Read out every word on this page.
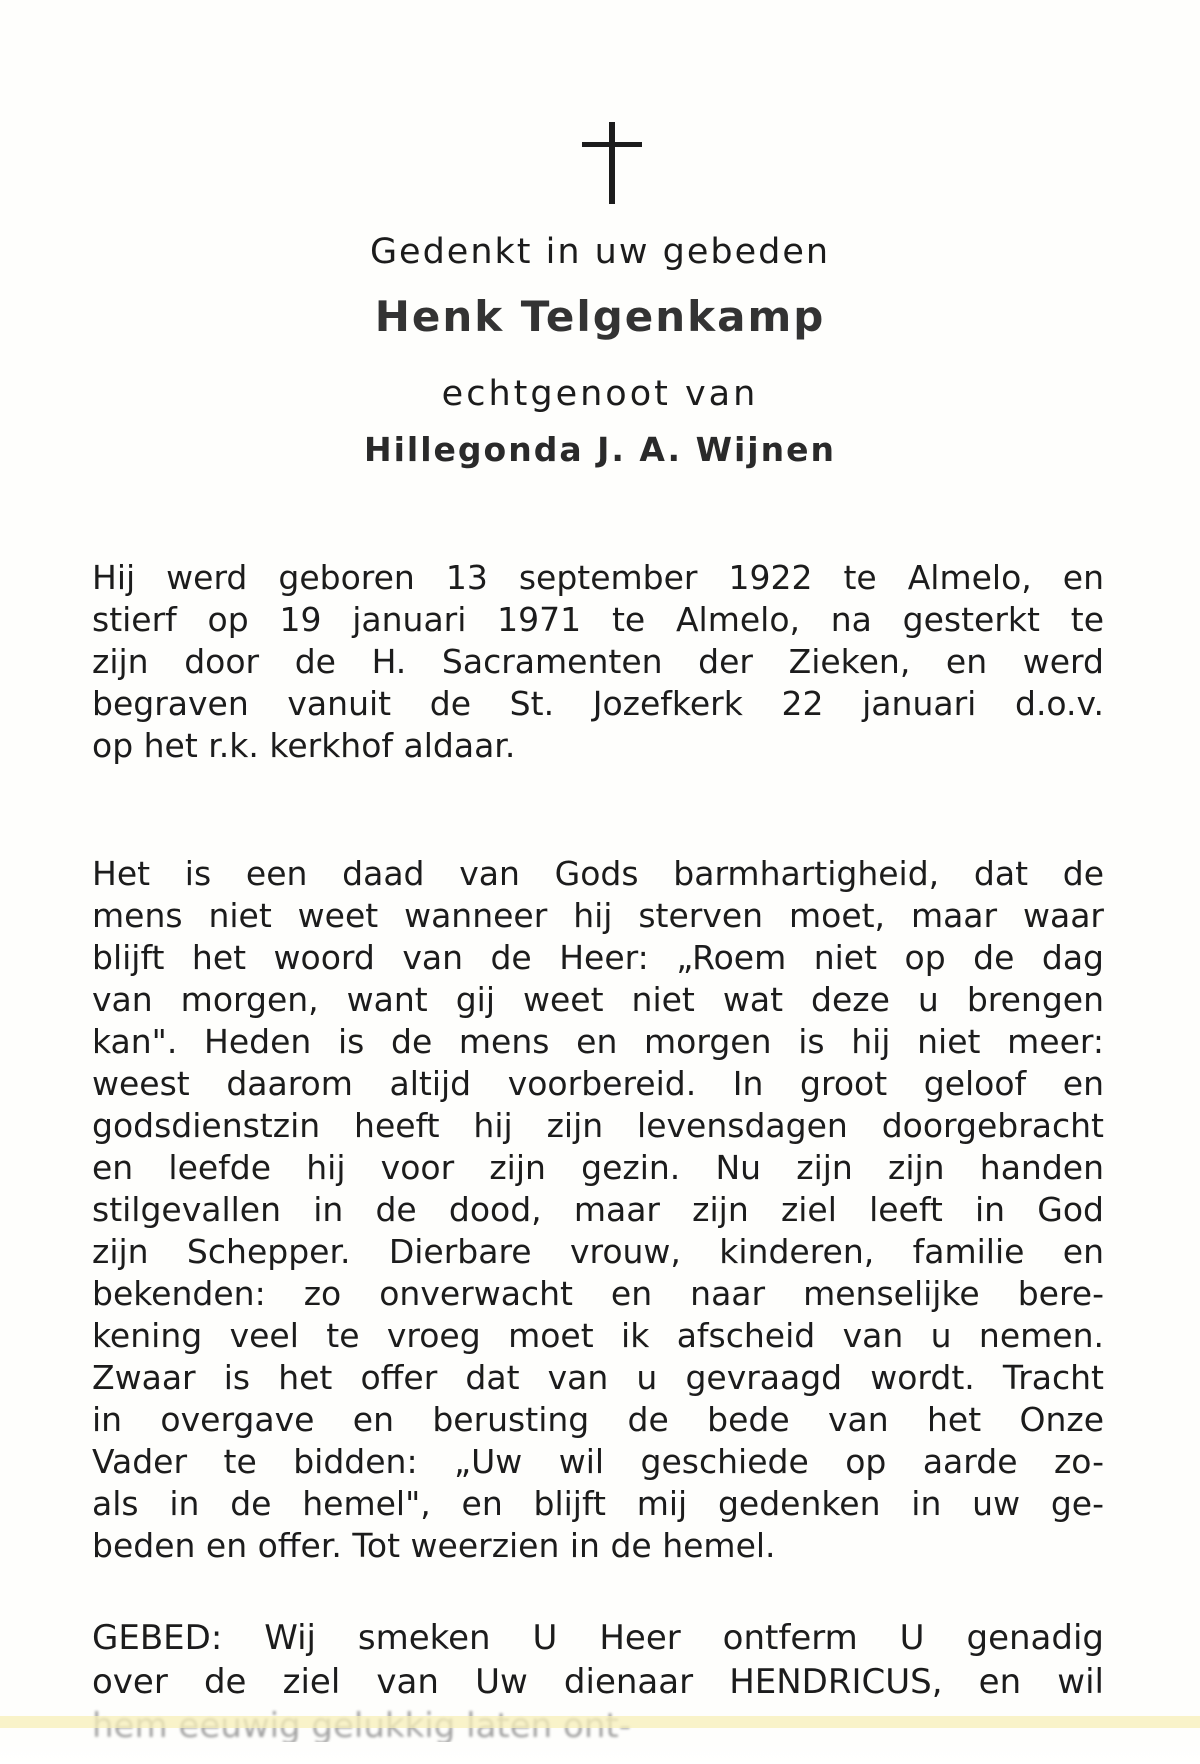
Gedenkt in uw gebeden
Henk Telgenkamp
echtgenoot van
Hillegonda J. A. Wijnen
Hij werd geboren 13 september 1922 te Almelo, en
stierf op 19 januari 1971 te Almelo, na gesterkt te
zijn door de H. Sacramenten der Zieken, en werd
begraven vanuit de St. Jozefkerk 22 januari d.o.v.
op het r.k. kerkhof aldaar.
Het is een daad van Gods barmhartigheid, dat de
mens niet weet wanneer hij sterven moet, maar waar
blijft het woord van de Heer: „Roem niet op de dag
van morgen, want gij weet niet wat deze u brengen
kan". Heden is de mens en morgen is hij niet meer:
weest daarom altijd voorbereid. In groot geloof en
godsdienstzin heeft hij zijn levensdagen doorgebracht
en leefde hij voor zijn gezin. Nu zijn zijn handen
stilgevallen in de dood, maar zijn ziel leeft in God
zijn Schepper. Dierbare vrouw, kinderen, familie en
bekenden: zo onverwacht en naar menselijke bere-
kening veel te vroeg moet ik afscheid van u nemen.
Zwaar is het offer dat van u gevraagd wordt. Tracht
in overgave en berusting de bede van het Onze
Vader te bidden: „Uw wil geschiede op aarde zo-
als in de hemel", en blijft mij gedenken in uw ge-
beden en offer. Tot weerzien in de hemel.
GEBED: Wij smeken U Heer ontferm U genadig
over de ziel van Uw dienaar HENDRICUS, en wil
